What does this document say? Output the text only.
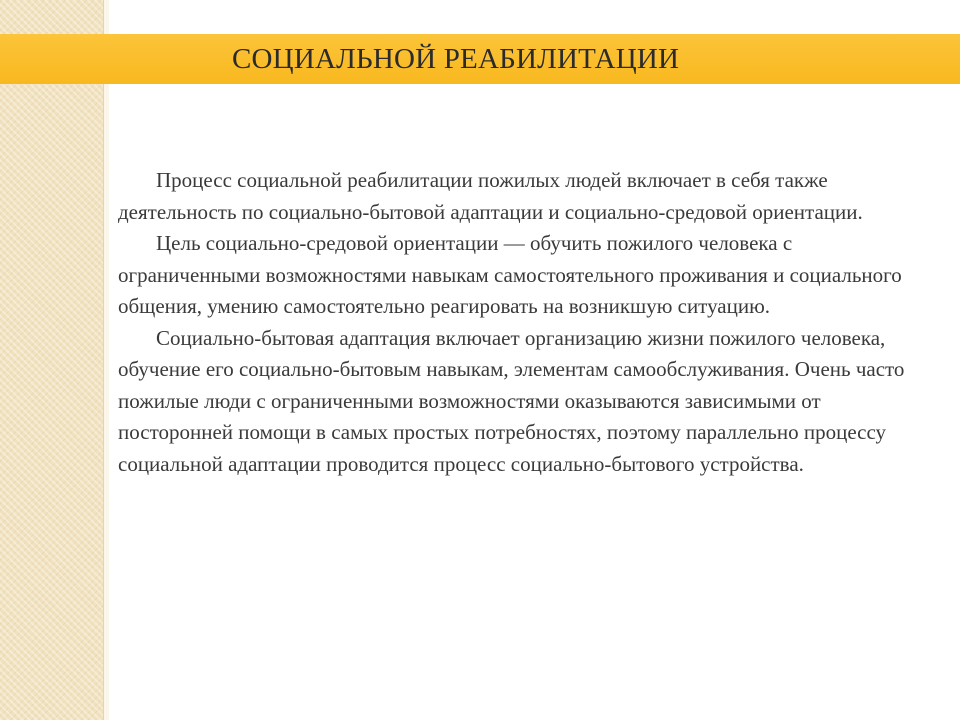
СОЦИАЛЬНОЙ РЕАБИЛИТАЦИИ

Процесс социальной реабилитации пожилых людей включает в себя также деятельность по социально-бытовой адаптации и социально-средовой ориентации.

Цель социально-средовой ориентации — обучить пожилого человека с ограниченными возможностями навыкам самостоятельного проживания и социального общения, умению самостоятельно реагировать на возникшую ситуацию.

Социально-бытовая адаптация включает организацию жизни пожилого человека, обучение его социально-бытовым навыкам, элементам самообслуживания. Очень часто пожилые люди с ограниченными возможностями оказываются зависимыми от посторонней помощи в самых простых потребностях, поэтому параллельно процессу социальной адаптации проводится процесс социально-бытового устройства.
